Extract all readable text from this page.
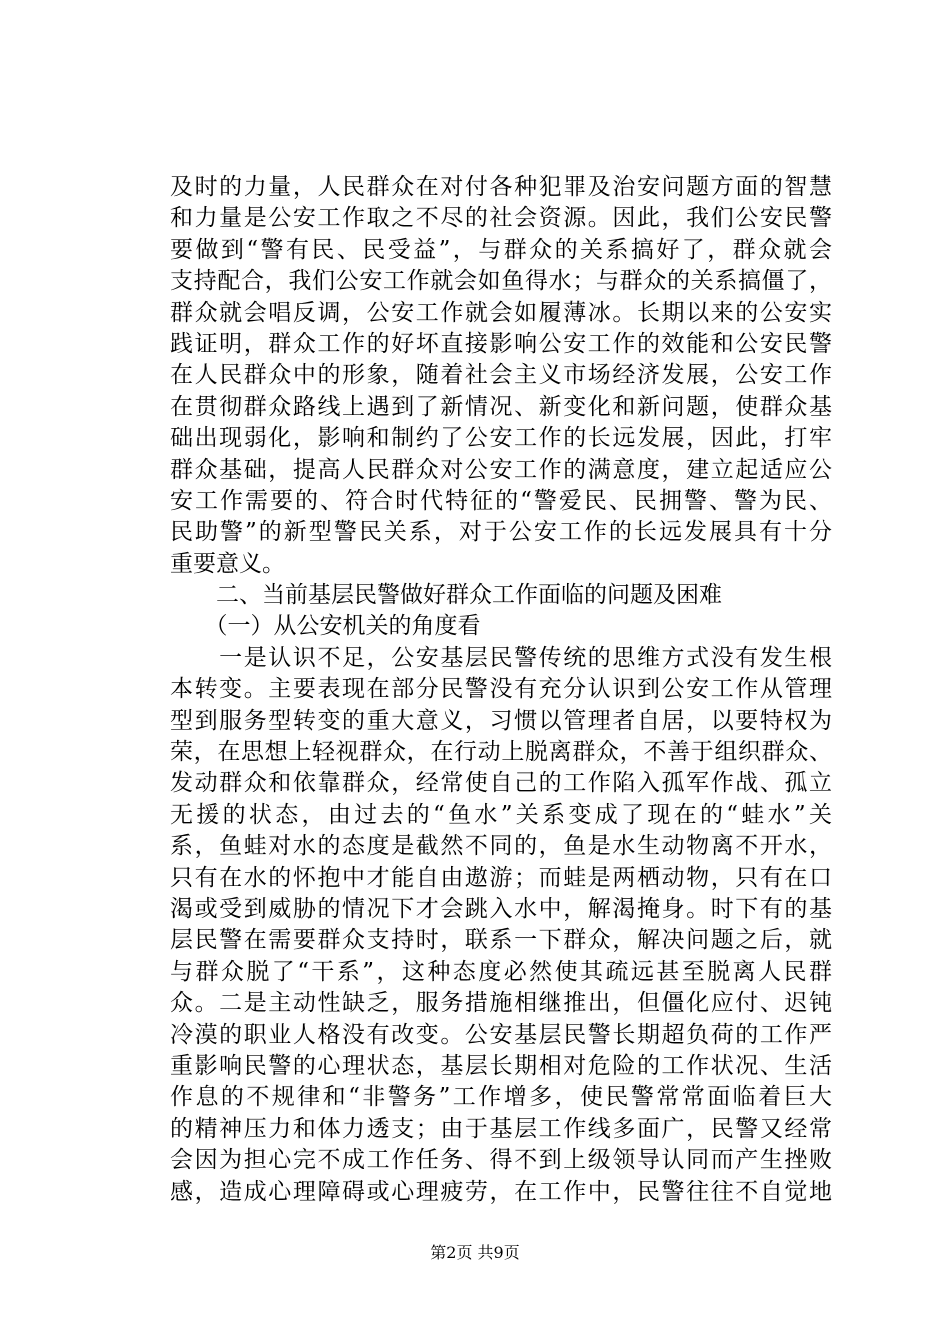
及时的力量，人民群众在对付各种犯罪及治安问题方面的智慧
和力量是公安工作取之不尽的社会资源。因此，我们公安民警
要做到“警有民、民受益”，与群众的关系搞好了，群众就会
支持配合，我们公安工作就会如鱼得水；与群众的关系搞僵了，
群众就会唱反调，公安工作就会如履薄冰。长期以来的公安实
践证明，群众工作的好坏直接影响公安工作的效能和公安民警
在人民群众中的形象，随着社会主义市场经济发展，公安工作
在贯彻群众路线上遇到了新情况、新变化和新问题，使群众基
础出现弱化，影响和制约了公安工作的长远发展，因此，打牢
群众基础，提高人民群众对公安工作的满意度，建立起适应公
安工作需要的、符合时代特征的“警爱民、民拥警、警为民、
民助警”的新型警民关系，对于公安工作的长远发展具有十分
重要意义。
　　二、当前基层民警做好群众工作面临的问题及困难
　　（一）从公安机关的角度看
　　一是认识不足，公安基层民警传统的思维方式没有发生根
本转变。主要表现在部分民警没有充分认识到公安工作从管理
型到服务型转变的重大意义，习惯以管理者自居，以要特权为
荣，在思想上轻视群众，在行动上脱离群众，不善于组织群众、
发动群众和依靠群众，经常使自己的工作陷入孤军作战、孤立
无援的状态，由过去的“鱼水”关系变成了现在的“蛙水”关
系，鱼蛙对水的态度是截然不同的，鱼是水生动物离不开水，
只有在水的怀抱中才能自由遨游；而蛙是两栖动物，只有在口
渴或受到威胁的情况下才会跳入水中，解渴掩身。时下有的基
层民警在需要群众支持时，联系一下群众，解决问题之后，就
与群众脱了“干系”，这种态度必然使其疏远甚至脱离人民群
众。二是主动性缺乏，服务措施相继推出，但僵化应付、迟钝
冷漠的职业人格没有改变。公安基层民警长期超负荷的工作严
重影响民警的心理状态，基层长期相对危险的工作状况、生活
作息的不规律和“非警务”工作增多，使民警常常面临着巨大
的精神压力和体力透支；由于基层工作线多面广，民警又经常
会因为担心完不成工作任务、得不到上级领导认同而产生挫败
感，造成心理障碍或心理疲劳，在工作中，民警往往不自觉地
第2页 共9页
